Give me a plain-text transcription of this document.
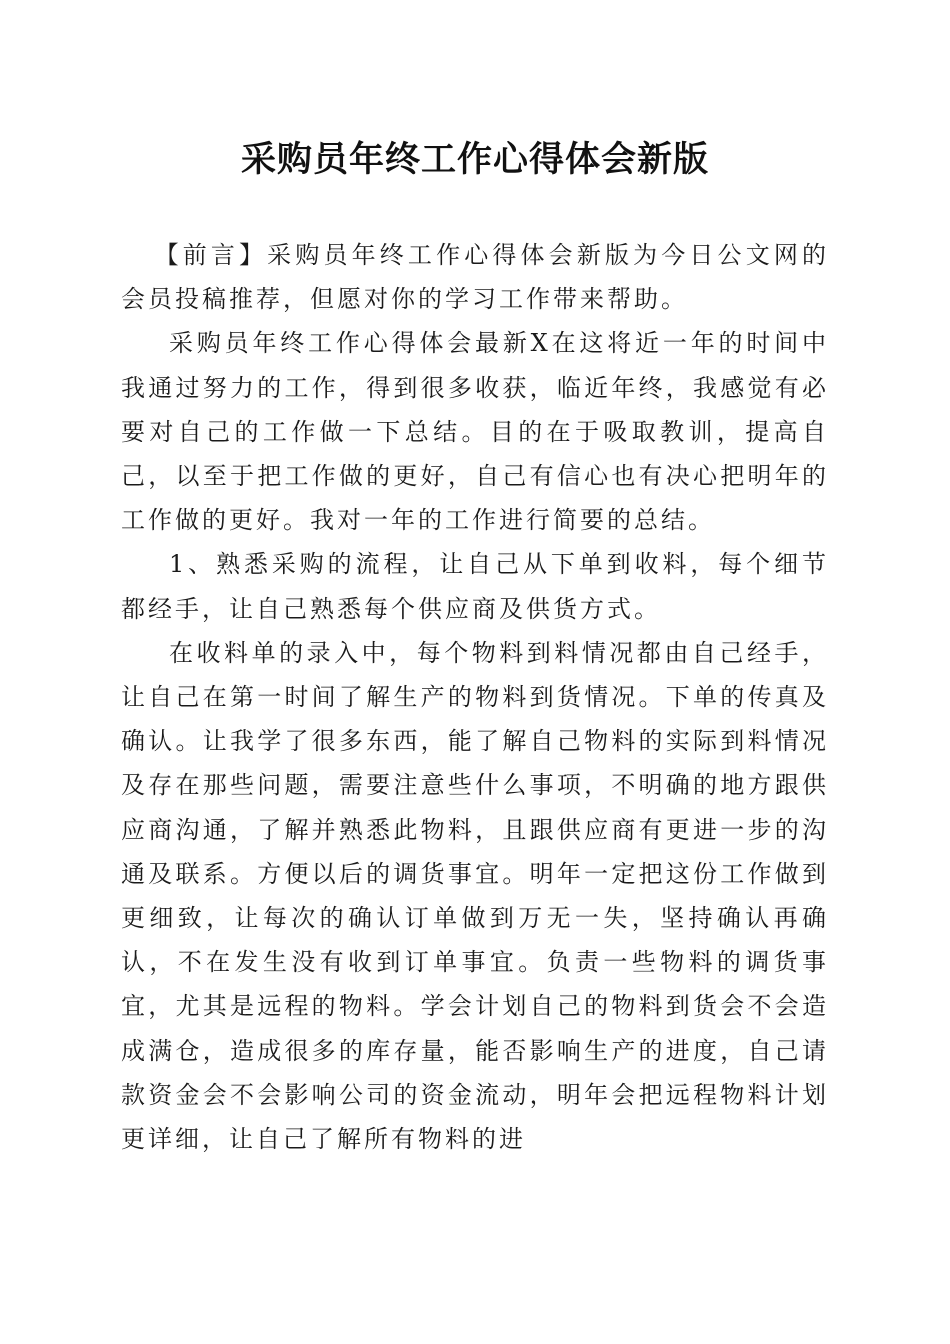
采购员年终工作心得体会新版

【前言】采购员年终工作心得体会新版为今日公文网的会员投稿推荐，但愿对你的学习工作带来帮助。

采购员年终工作心得体会最新X在这将近一年的时间中我通过努力的工作，得到很多收获，临近年终，我感觉有必要对自己的工作做一下总结。目的在于吸取教训，提高自己，以至于把工作做的更好，自己有信心也有决心把明年的工作做的更好。我对一年的工作进行简要的总结。

1、熟悉采购的流程，让自己从下单到收料，每个细节都经手，让自己熟悉每个供应商及供货方式。

在收料单的录入中，每个物料到料情况都由自己经手，让自己在第一时间了解生产的物料到货情况。下单的传真及确认。让我学了很多东西，能了解自己物料的实际到料情况及存在那些问题，需要注意些什么事项，不明确的地方跟供应商沟通，了解并熟悉此物料，且跟供应商有更进一步的沟通及联系。方便以后的调货事宜。明年一定把这份工作做到更细致，让每次的确认订单做到万无一失，坚持确认再确认，不在发生没有收到订单事宜。负责一些物料的调货事宜，尤其是远程的物料。学会计划自己的物料到货会不会造成满仓，造成很多的库存量，能否影响生产的进度，自己请款资金会不会影响公司的资金流动，明年会把远程物料计划更详细，让自己了解所有物料的进
